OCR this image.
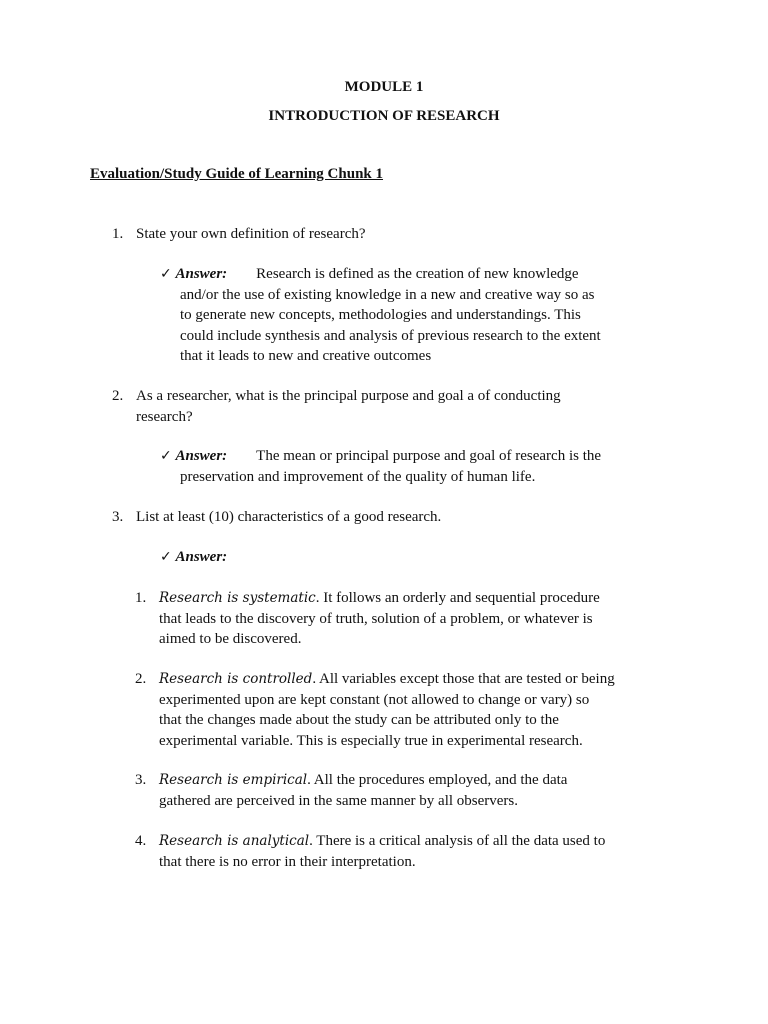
MODULE 1
INTRODUCTION OF RESEARCH
Evaluation/Study Guide of Learning Chunk 1
1. State your own definition of research?
✓ Answer: Research is defined as the creation of new knowledge
and/or the use of existing knowledge in a new and creative way so as
to generate new concepts, methodologies and understandings. This
could include synthesis and analysis of previous research to the extent
that it leads to new and creative outcomes
2. As a researcher, what is the principal purpose and goal a of conducting
research?
✓ Answer: The mean or principal purpose and goal of research is the
preservation and improvement of the quality of human life.
3. List at least (10) characteristics of a good research.
✓ Answer:
1. Research is systematic. It follows an orderly and sequential procedure
that leads to the discovery of truth, solution of a problem, or whatever is
aimed to be discovered.
2. Research is controlled. All variables except those that are tested or being
experimented upon are kept constant (not allowed to change or vary) so
that the changes made about the study can be attributed only to the
experimental variable. This is especially true in experimental research.
3. Research is empirical. All the procedures employed, and the data
gathered are perceived in the same manner by all observers.
4. Research is analytical. There is a critical analysis of all the data used to
that there is no error in their interpretation.
